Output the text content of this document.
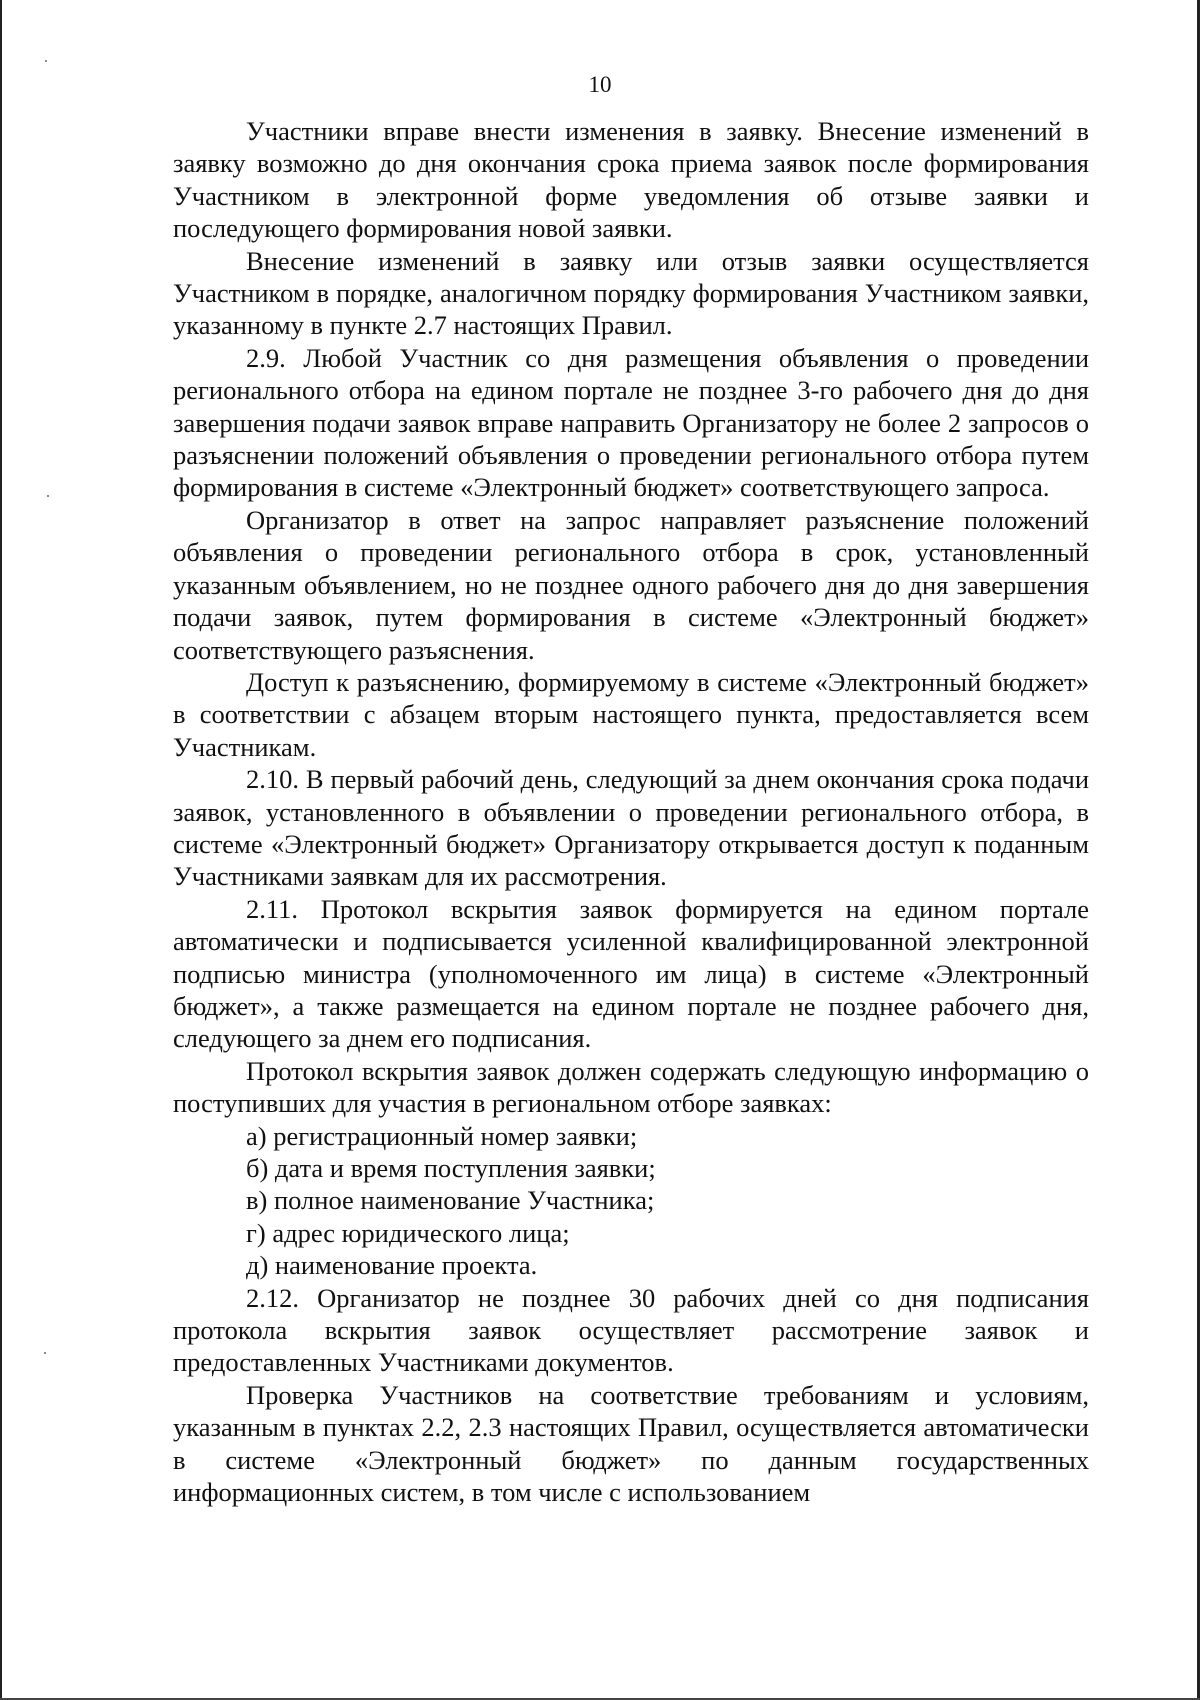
10

Участники вправе внести изменения в заявку. Внесение изменений в заявку возможно до дня окончания срока приема заявок после формирования Участником в электронной форме уведомления об отзыве заявки и последующего формирования новой заявки.

Внесение изменений в заявку или отзыв заявки осуществляется Участником в порядке, аналогичном порядку формирования Участником заявки, указанному в пункте 2.7 настоящих Правил.

2.9. Любой Участник со дня размещения объявления о проведении регионального отбора на едином портале не позднее 3-го рабочего дня до дня завершения подачи заявок вправе направить Организатору не более 2 запросов о разъяснении положений объявления о проведении регионального отбора путем формирования в системе «Электронный бюджет» соответствующего запроса.

Организатор в ответ на запрос направляет разъяснение положений объявления о проведении регионального отбора в срок, установленный указанным объявлением, но не позднее одного рабочего дня до дня завершения подачи заявок, путем формирования в системе «Электронный бюджет» соответствующего разъяснения.

Доступ к разъяснению, формируемому в системе «Электронный бюджет» в соответствии с абзацем вторым настоящего пункта, предоставляется всем Участникам.

2.10. В первый рабочий день, следующий за днем окончания срока подачи заявок, установленного в объявлении о проведении регионального отбора, в системе «Электронный бюджет» Организатору открывается доступ к поданным Участниками заявкам для их рассмотрения.

2.11. Протокол вскрытия заявок формируется на едином портале автоматически и подписывается усиленной квалифицированной электронной подписью министра (уполномоченного им лица) в системе «Электронный бюджет», а также размещается на едином портале не позднее рабочего дня, следующего за днем его подписания.

Протокол вскрытия заявок должен содержать следующую информацию о поступивших для участия в региональном отборе заявках:

а) регистрационный номер заявки;

б) дата и время поступления заявки;

в) полное наименование Участника;

г) адрес юридического лица;

д) наименование проекта.

2.12. Организатор не позднее 30 рабочих дней со дня подписания протокола вскрытия заявок осуществляет рассмотрение заявок и предоставленных Участниками документов.

Проверка Участников на соответствие требованиям и условиям, указанным в пунктах 2.2, 2.3 настоящих Правил, осуществляется автоматически в системе «Электронный бюджет» по данным государственных информационных систем, в том числе с использованием
